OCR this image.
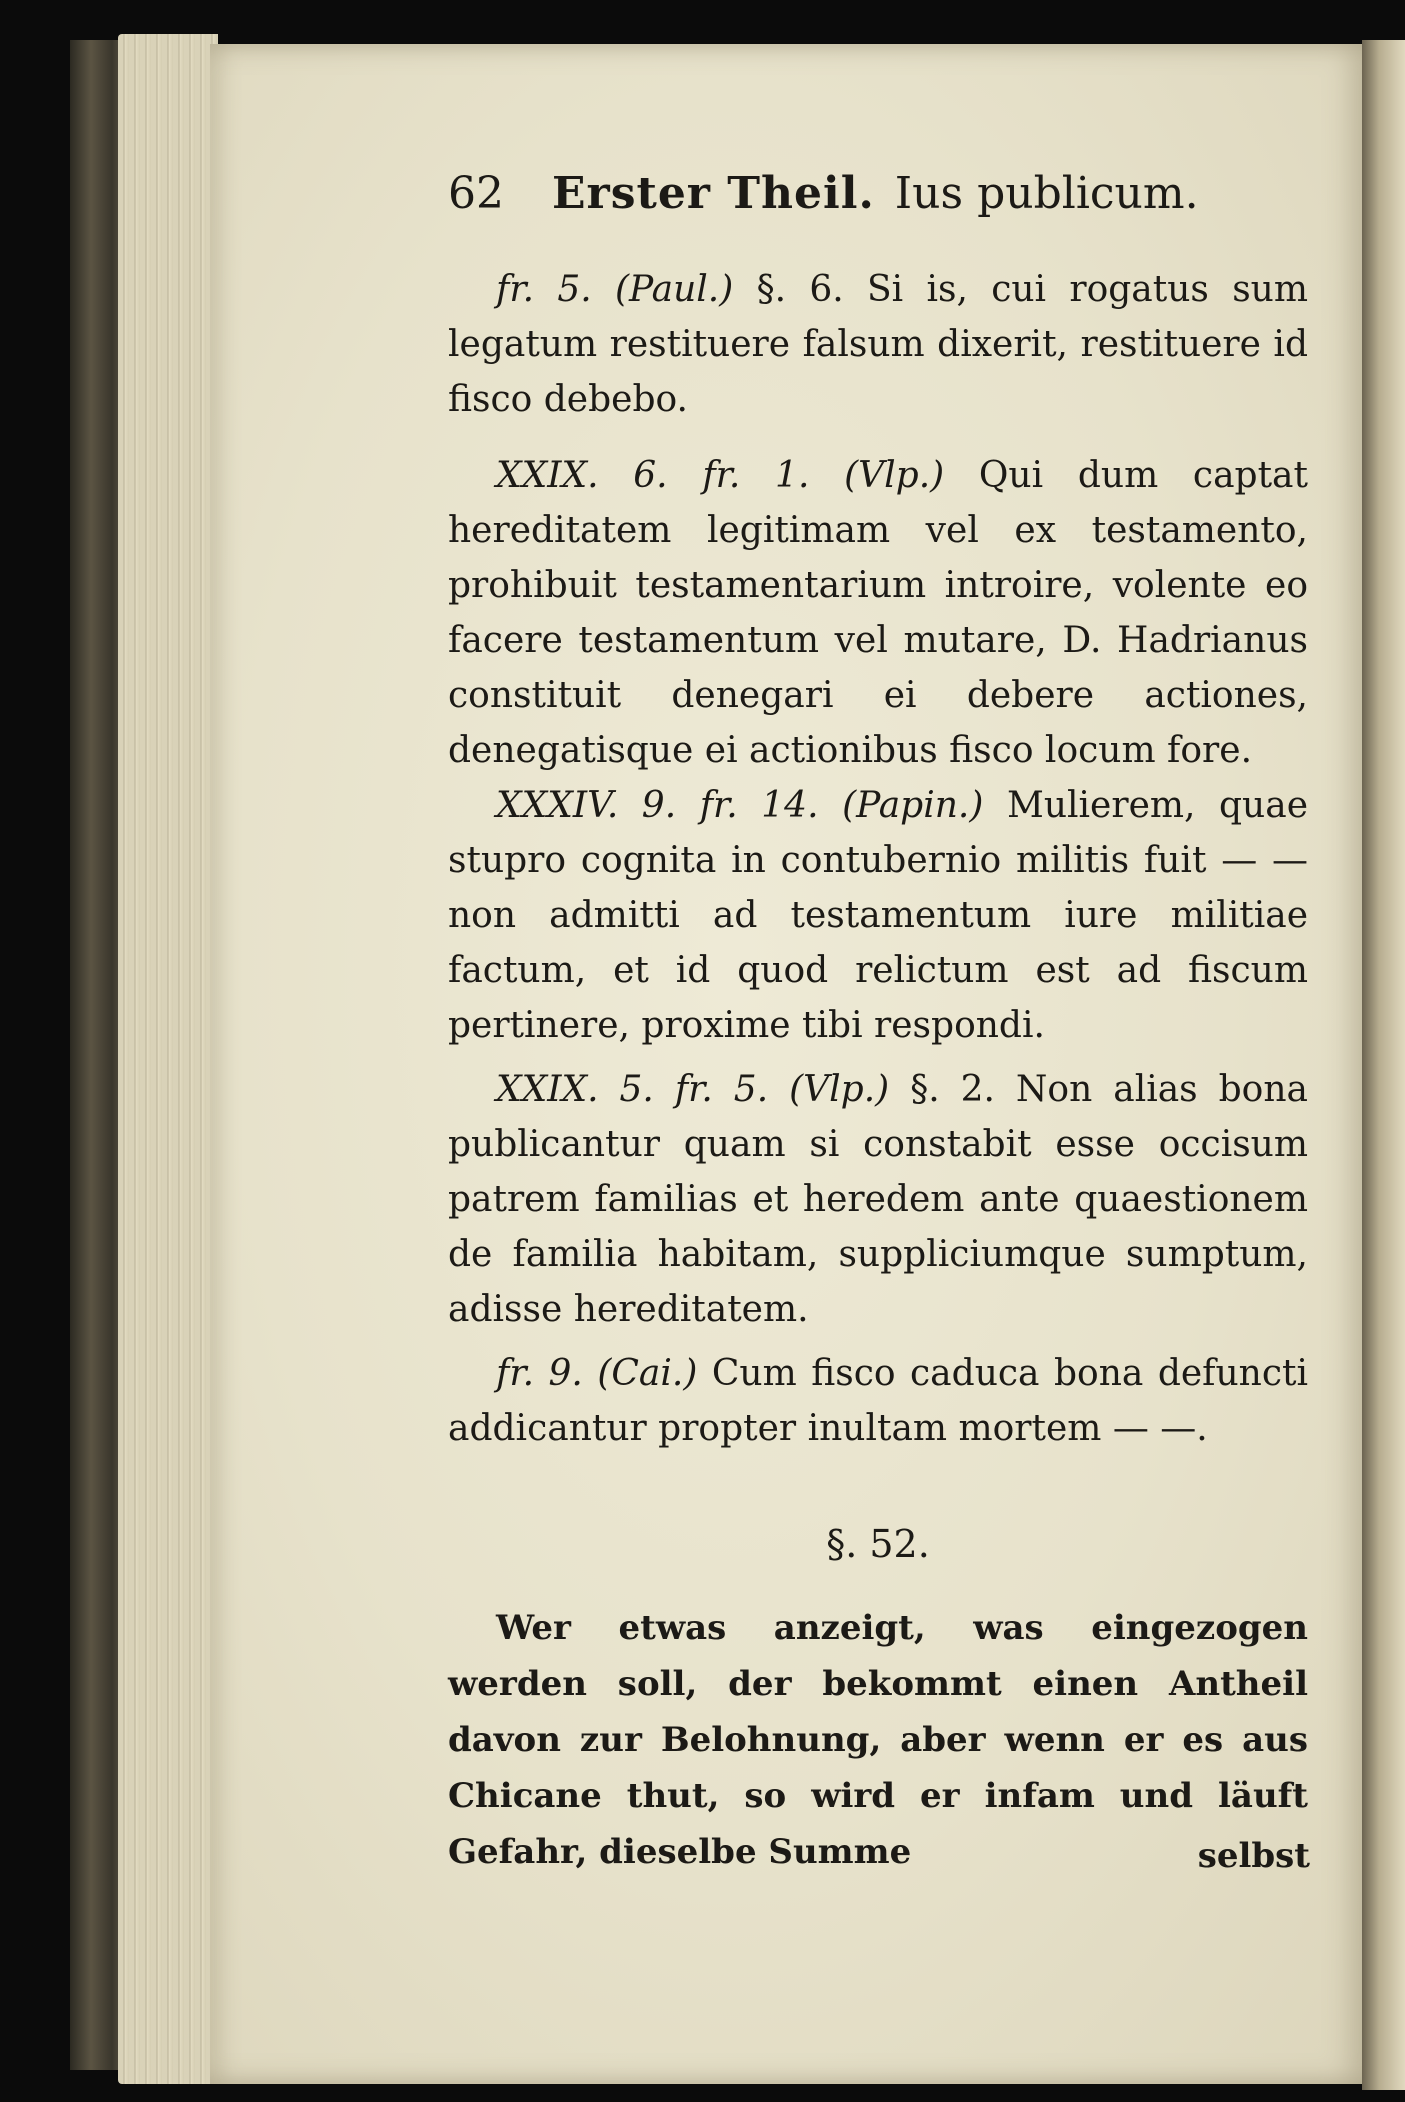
62 Erster Theil. Ius publicum.
fr. 5. (Paul.) §. 6. Si is, cui rogatus sum legatum restituere falsum dixerit, restituere id fisco debebo.
XXIX. 6. fr. 1. (Vlp.) Qui dum captat hereditatem legitimam vel ex testamento, prohibuit testamentarium introire, volente eo facere testamentum vel mutare, D. Hadrianus constituit denegari ei debere actiones, denegatisque ei actionibus fisco locum fore.
XXXIV. 9. fr. 14. (Papin.) Mulierem, quae stupro cognita in contubernio militis fuit — — non admitti ad testamentum iure militiae factum, et id quod relictum est ad fiscum pertinere, proxime tibi respondi.
XXIX. 5. fr. 5. (Vlp.) §. 2. Non alias bona publicantur quam si constabit esse occisum patrem familias et heredem ante quaestionem de familia habitam, suppliciumque sumptum, adisse hereditatem.
fr. 9. (Cai.) Cum fisco caduca bona defuncti addicantur propter inultam mortem — —.
§. 52.
Wer etwas anzeigt, was eingezogen werden soll, der bekommt einen Antheil davon zur Belohnung, aber wenn er es aus Chicane thut, so wird er infam und läuft Gefahr, dieselbe Summe	selbst
